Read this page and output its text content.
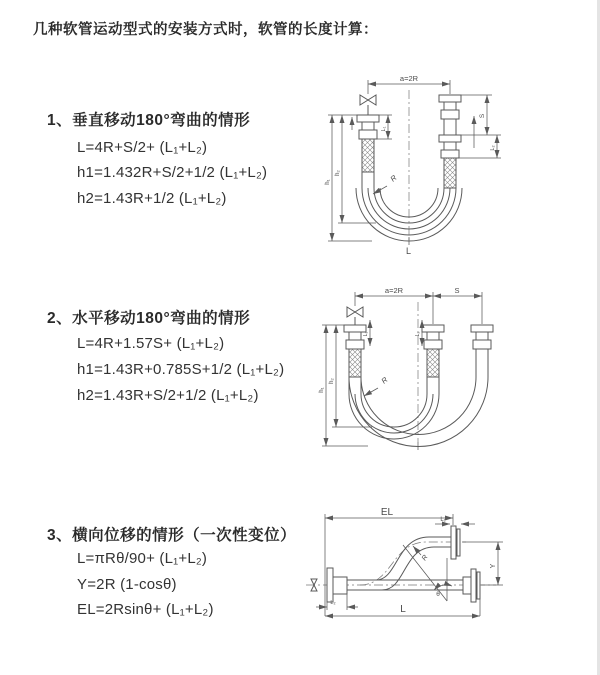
几种软管运动型式的安装方式时，软管的长度计算：
1、垂直移动180°弯曲的情形
L=4R+S/2+ (L₁+L₂)
h1=1.432R+S/2+1/2 (L₁+L₂)
h2=1.43R+1/2 (L₁+L₂)
2、水平移动180°弯曲的情形
L=4R+1.57S+ (L₁+L₂)
h1=1.43R+0.785S+1/2 (L₁+L₂)
h2=1.43R+S/2+1/2 (L₁+L₂)
3、横向位移的情形（一次性变位）
L=πRθ/90+ (L₁+L₂)
Y=2R (1-cosθ)
EL=2Rsinθ+ (L₁+L₂)
a=2R
h₁
h₂
L₁
S
L₂
R
L
a=2R	S
h₁
h₂
L₁	L₂
R
EL
L₁
Y
L
L₂
R
θ
